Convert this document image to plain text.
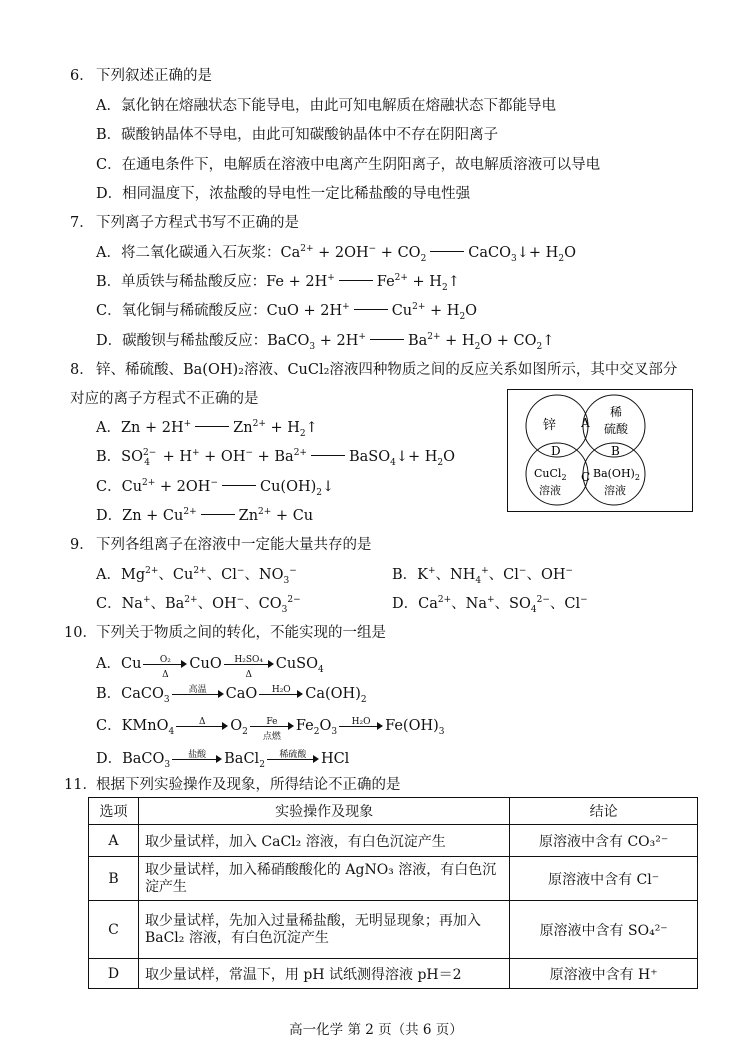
6． 下列叙述正确的是
A．氯化钠在熔融状态下能导电，由此可知电解质在熔融状态下都能导电
B．碳酸钠晶体不导电，由此可知碳酸钠晶体中不存在阴阳离子
C．在通电条件下，电解质在溶液中电离产生阴阳离子，故电解质溶液可以导电
D．相同温度下，浓盐酸的导电性一定比稀盐酸的导电性强
7． 下列离子方程式书写不正确的是
A．将二氧化碳通入石灰浆：$Ca^{2+} + 2OH^- + CO_2$	CaCO$_3$↓+ $H_2O$
B．单质铁与稀盐酸反应：Fe + 2H+	$Fe^{2+}$ + $H_2↑$
C．氧化铜与稀硫酸反应：CuO + 2H+	$Cu^{2+} + H_2O$
D．碳酸钡与稀盐酸反应：BaCO$_3$ + 2H+	$Ba^{2+} + H_2O$ + $CO_2↑$
8． 锌、稀硫酸、Ba(OH)₂溶液、CuCl₂溶液四种物质之间的反应关系如图所示，其中交叉部分
对应的离子方程式不正确的是
A．Zn + 2H+	$Zn^{2+}$ + $H_2↑$
B．$SO^{2-}_4 + H^+ + OH^- + Ba^{2+}$	BaSO$_4$↓+ $H_2O$
C．$Cu^{2+} + 2OH^-$	$Cu(OH)_2↓$
D．$Zn + Cu^{2+}$	$Zn^{2+} + Cu$
锌
稀
硫酸
A
D	B
C
CuCl$_2$
溶液
$Ba(OH)_2$
溶液
9． 下列各组离子在溶液中一定能大量共存的是
A．$Mg^{2+}$、$Cu^{2+}$、Cl−、$NO_3^-$	B．K+、$NH_4^+$、Cl−、OH−
C．Na+、$Ba^{2+}$、OH−、$CO_3^{2-}$	D．$Ca^{2+}$、Na+、$SO_4^{2-}$、Cl−
10． 下列关于物质之间的转化，不能实现的一组是
A．Cu $\frac{\text{O₂}}{\Delta}$ CuO $\frac{\text{H₂SO₄}}{\Delta}$ CuSO$_4$
B．CaCO$_3$
高温	CaO	H₂O	$Ca(OH)_2$
C．KMnO$_4$
Δ	$O_2$
Fe
点燃
$Fe_2O_3$
H₂O	$Fe(OH)_3$
D．BaCO$_3$
盐酸	BaCl$_2$
稀硫酸	HCl
11． 根据下列实验操作及现象，所得结论不正确的是
选项	实验操作及现象	结论
A	取少量试样，加入 CaCl₂ 溶液，有白色沉淀产生	原溶液中含有 CO₃²⁻
B	取少量试样，加入稀硝酸酸化的 AgNO₃ 溶液，有白色沉淀产生	原溶液中含有 Cl⁻
C	取少量试样，先加入过量稀盐酸，无明显现象；再加入 BaCl₂ 溶液，有白色沉淀产生	原溶液中含有 SO₄²⁻
D	取少量试样，常温下，用 pH 试纸测得溶液 pH＝2	原溶液中含有 H⁺
高一化学 第 2 页（共 6 页）
